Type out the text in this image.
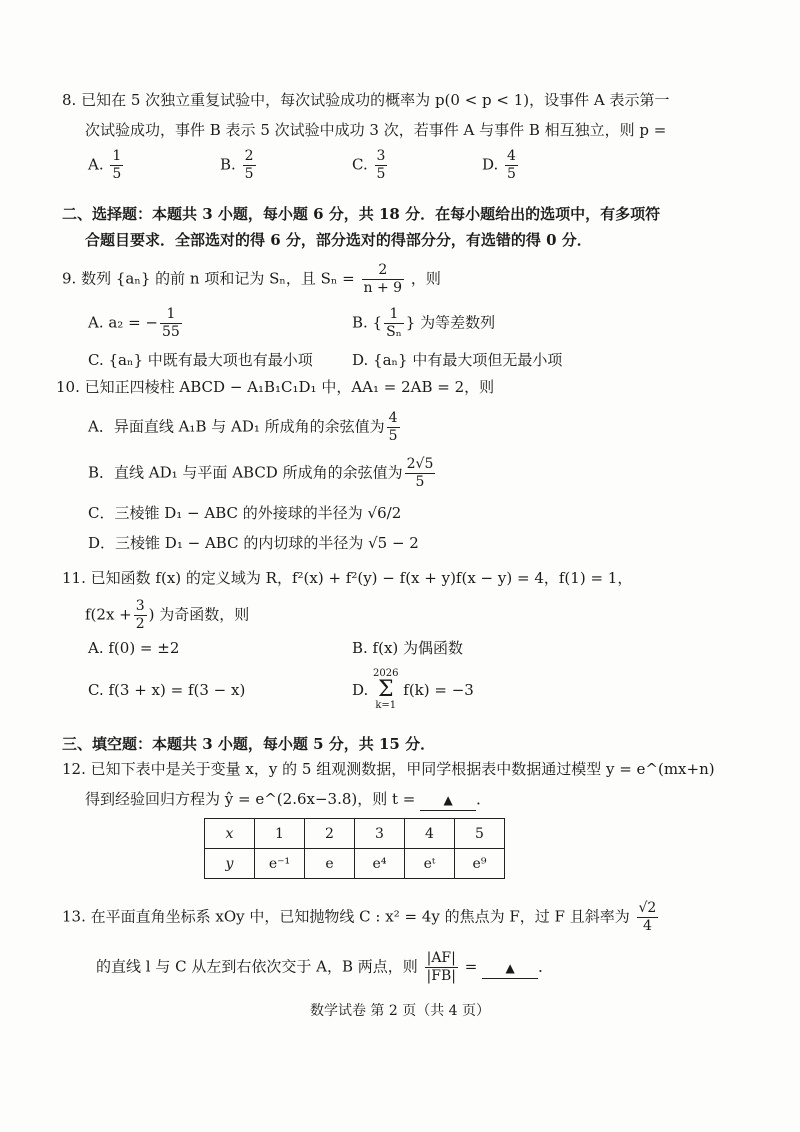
8. 已知在 5 次独立重复试验中，每次试验成功的概率为 p(0 < p < 1)，设事件 A 表示第一
次试验成功，事件 B 表示 5 次试验中成功 3 次，若事件 A 与事件 B 相互独立，则 p =
A. $\frac{1}{5}$	B. $\frac{2}{5}$	C. $\frac{3}{5}$	D. $\frac{4}{5}$
二、选择题：本题共 3 小题，每小题 6 分，共 18 分．在每小题给出的选项中，有多项符
合题目要求．全部选对的得 6 分，部分选对的得部分分，有选错的得 0 分．
9. 数列 {aₙ} 的前 n 项和记为 Sₙ，且 $S_n = \frac{2}{n + 9}$ ，则
A. a₂ = − $\frac{1}{55}$	B. { $\frac{1}{\text{Sₙ}}$ } 为等差数列
C. {aₙ} 中既有最大项也有最小项	D. {aₙ} 中有最大项但无最小项
10. 已知正四棱柱 ABCD − A₁B₁C₁D₁ 中，AA₁ = 2AB = 2，则
A．异面直线 A₁B 与 AD₁ 所成角的余弦值为 $\frac{4}{5}$
B．直线 AD₁ 与平面 ABCD 所成角的余弦值为 $\frac{2√5}{5}$
C．三棱锥 D₁ − ABC 的外接球的半径为 √6/2
D．三棱锥 D₁ − ABC 的内切球的半径为 √5 − 2
11. 已知函数 f(x) 的定义域为 R，f²(x) + f²(y) − f(x + y)f(x − y) = 4，f(1) = 1，
$f(2x + \frac{3}{2}$ ) 为奇函数，则
A. f(0) = ±2	B. f(x) 为偶函数
C. f(3 + x) = f(3 − x)	D.
2026
Σ
k=1
f(k) = −3
三、填空题：本题共 3 小题，每小题 5 分，共 15 分．
12. 已知下表中是关于变量 x，y 的 5 组观测数据，甲同学根据表中数据通过模型 y = e^(mx+n)
得到经验回归方程为 ŷ = e^(2.6x−3.8)，则 t = ▲ ．
x	1	2	3	4	5
y	e⁻¹	e	e⁴	eᵗ	e⁹
13. 在平面直角坐标系 xOy 中，已知抛物线 C : x² = 4y 的焦点为 F，过 F 且斜率为 $\frac{√2}{4}$
的直线 l 与 C 从左到右依次交于 A，B 两点，则 $\frac{|AF|}{|FB|}$ = ▲ ．
数学试卷 第 2 页（共 4 页）
